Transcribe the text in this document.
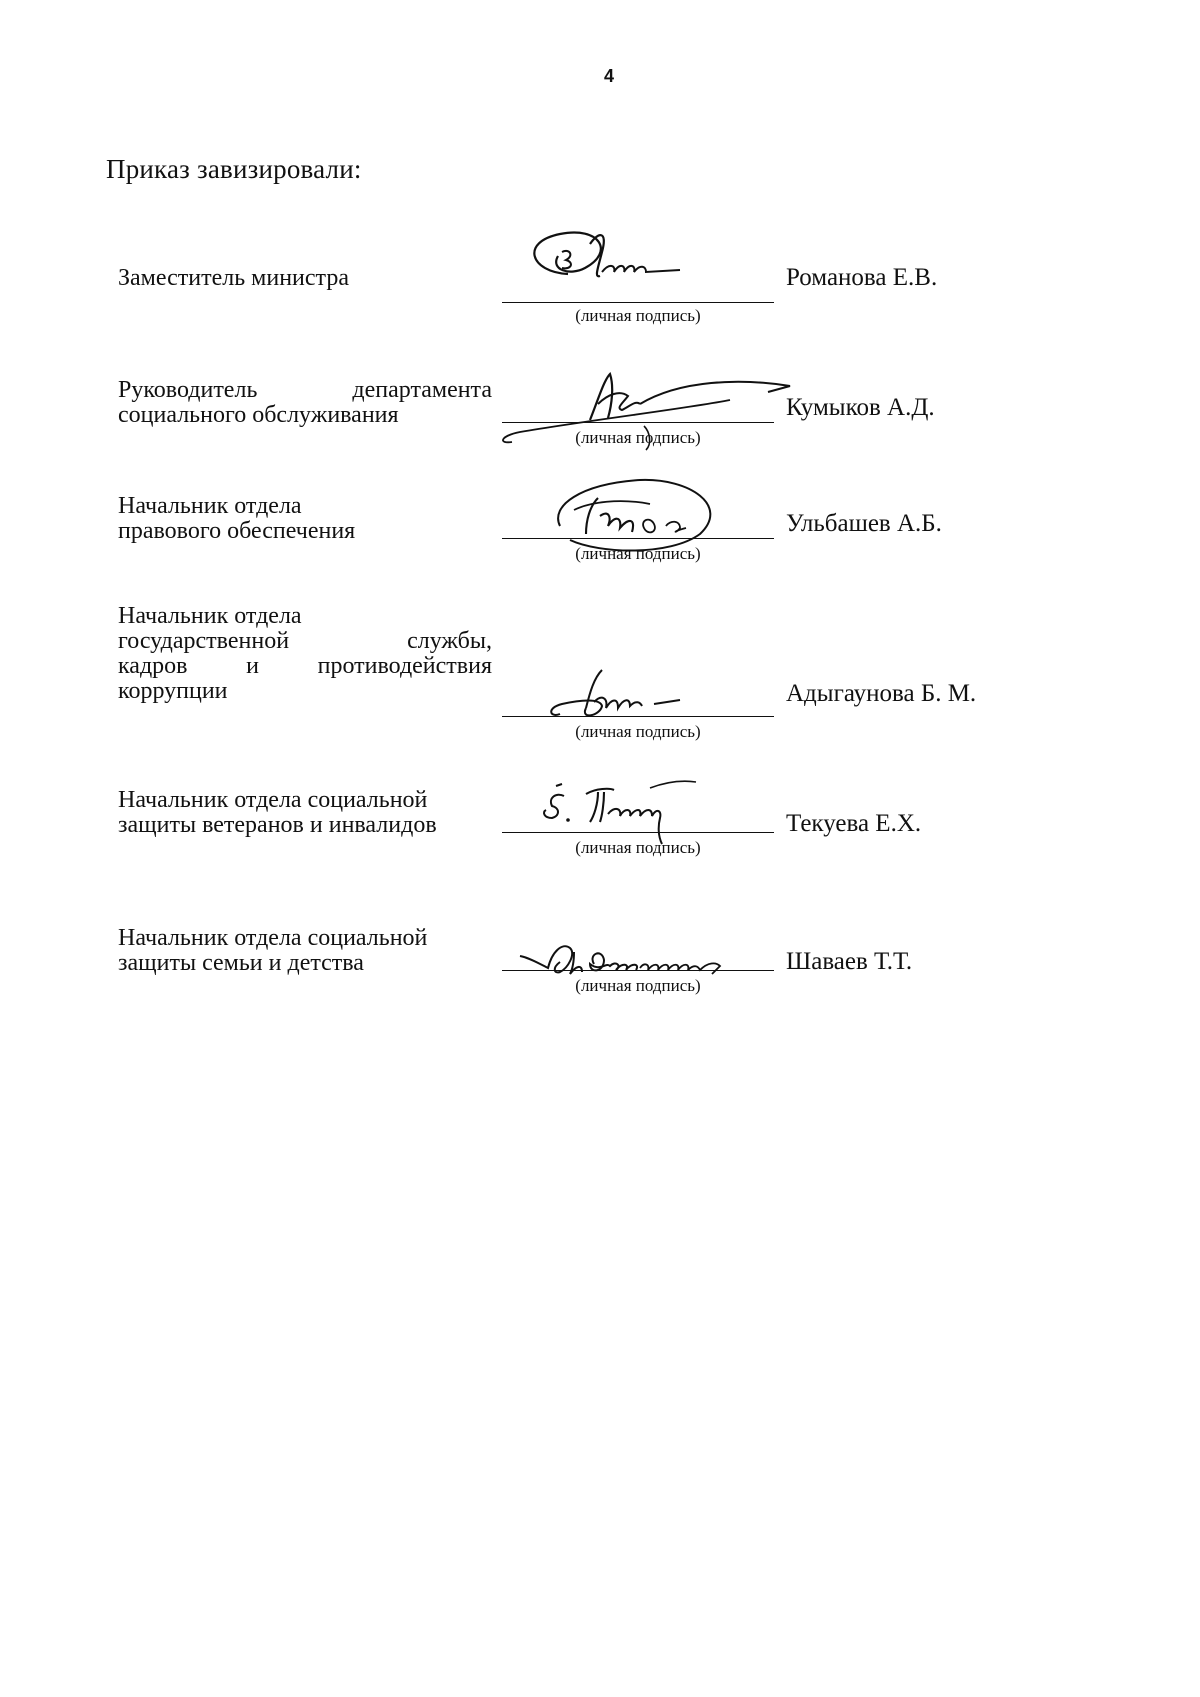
4
Приказ завизировали:
Заместитель министра
(личная подпись)
Романова Е.В.
Руководитель департамента
социального обслуживания
(личная подпись)
Кумыков А.Д.
Начальник отдела
правового обеспечения
(личная подпись)
Ульбашев А.Б.
Начальник отдела
государственной службы,
кадров и противодействия
коррупции
(личная подпись)
Адыгаунова Б. М.
Начальник отдела социальной
защиты ветеранов и инвалидов
(личная подпись)
Текуева Е.Х.
Начальник отдела социальной
защиты семьи и детства
(личная подпись)
Шаваев Т.Т.
